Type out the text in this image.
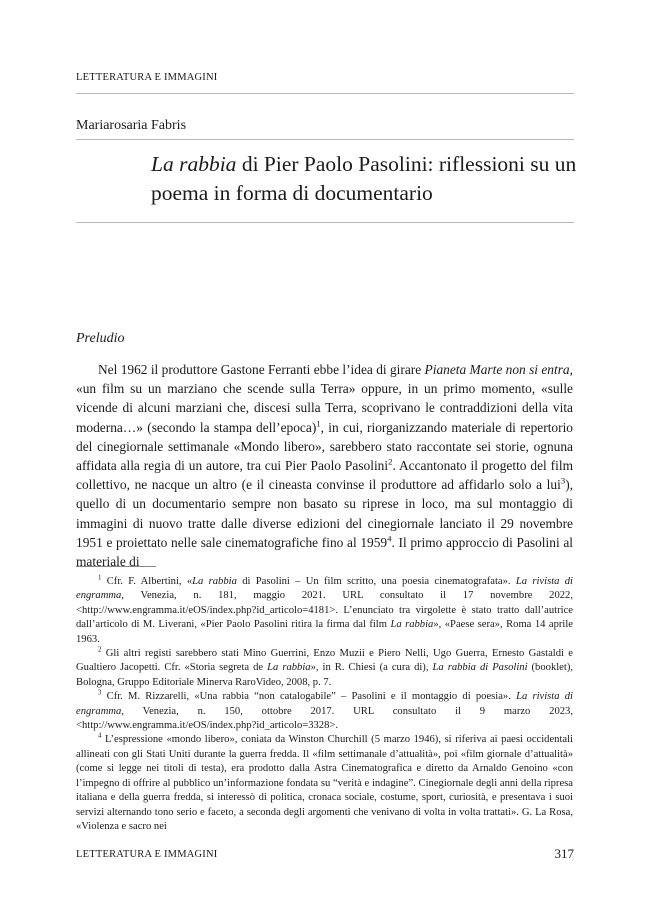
LETTERATURA E IMMAGINI
Mariarosaria Fabris
La rabbia di Pier Paolo Pasolini: riflessioni su un poema in forma di documentario
Preludio

Nel 1962 il produttore Gastone Ferranti ebbe l’idea di girare Pianeta Marte non si entra, «un film su un marziano che scende sulla Terra» oppure, in un primo momento, «sulle vicende di alcuni marziani che, discesi sulla Terra, scoprivano le contraddizioni della vita moderna…» (secondo la stampa dell’epoca)$^1$, in cui, riorganizzando materiale di repertorio del cinegiornale settimanale «Mondo libero», sarebbero stato raccontate sei storie, ognuna affidata alla regia di un autore, tra cui Pier Paolo Pasolini$^2$. Accantonato il progetto del film collettivo, ne nacque un altro (e il cineasta convinse il produttore ad affidarlo solo a lui$^3$), quello di un documentario sempre non basato su riprese in loco, ma sul montaggio di immagini di nuovo tratte dalle diverse edizioni del cinegiornale lanciato il 29 novembre 1951 e proiettato nelle sale cinematografiche fino al 1959$^4$. Il primo approccio di Pasolini al materiale di

$^1$ Cfr. F. Albertini, «La rabbia di Pasolini – Un film scritto, una poesia cinematografata». La rivista di engramma, Venezia, n. 181, maggio 2021. URL consultato il 17 novembre 2022, <http://www.engramma.it/eOS/index.php?id_articolo=4181>. L’enunciato tra virgolette è stato tratto dall’autrice dall’articolo di M. Liverani, «Pier Paolo Pasolini ritira la firma dal film La rabbia», «Paese sera», Roma 14 aprile 1963.

$^2$ Gli altri registi sarebbero stati Mino Guerrini, Enzo Muzii e Piero Nelli, Ugo Guerra, Ernesto Gastaldi e Gualtiero Jacopetti. Cfr. «Storia segreta de La rabbia», in R. Chiesi (a cura di), La rabbia di Pasolini (booklet), Bologna, Gruppo Editoriale Minerva RaroVideo, 2008, p. 7.

$^3$ Cfr. M. Rizzarelli, «Una rabbia “non catalogabile” – Pasolini e il montaggio di poesia». La rivista di engramma, Venezia, n. 150, ottobre 2017. URL consultato il 9 marzo 2023, <http://www.engramma.it/eOS/index.php?id_articolo=3328>.

$^4$ L’espressione «mondo libero», coniata da Winston Churchill (5 marzo 1946), si riferiva ai paesi occidentali allineati con gli Stati Uniti durante la guerra fredda. Il «film settimanale d’attualità», poi «film giornale d’attualità» (come si legge nei titoli di testa), era prodotto dalla Astra Cinematografica e diretto da Arnaldo Genoino «con l’impegno di offrire al pubblico un’informazione fondata su “verità e indagine”. Cinegiornale degli anni della ripresa italiana e della guerra fredda, si interessò di politica, cronaca sociale, costume, sport, curiosità, e presentava i suoi servizi alternando tono serio e faceto, a seconda degli argomenti che venivano di volta in volta trattati». G. La Rosa, «Violenza e sacro nei

LETTERATURA E IMMAGINI	317
